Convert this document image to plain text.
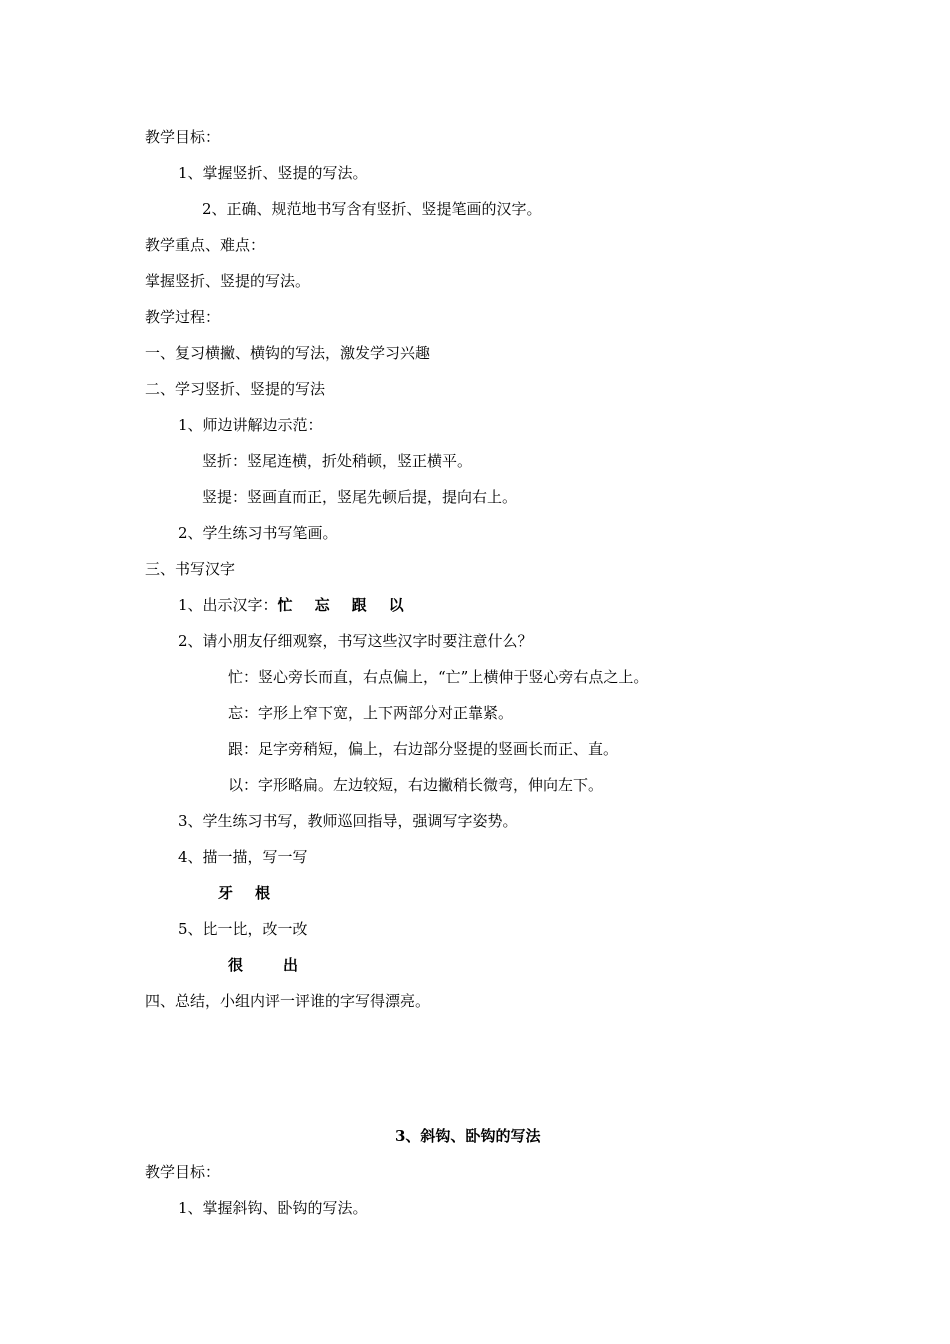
教学目标：
1、掌握竖折、竖提的写法。
2、正确、规范地书写含有竖折、竖提笔画的汉字。
教学重点、难点：
掌握竖折、竖提的写法。
教学过程：
一、复习横撇、横钩的写法，激发学习兴趣
二、学习竖折、竖提的写法
1、师边讲解边示范：
竖折：竖尾连横，折处稍顿，竖正横平。
竖提：竖画直而正，竖尾先顿后提，提向右上。
2、学生练习书写笔画。
三、书写汉字
1、出示汉字：忙 忘 跟 以
2、请小朋友仔细观察，书写这些汉字时要注意什么？
忙：竖心旁长而直，右点偏上，“亡”上横伸于竖心旁右点之上。
忘：字形上窄下宽，上下两部分对正靠紧。
跟：足字旁稍短，偏上，右边部分竖提的竖画长而正、直。
以：字形略扁。左边较短，右边撇稍长微弯，伸向左下。
3、学生练习书写，教师巡回指导，强调写字姿势。
4、描一描，写一写
牙 根
5、比一比，改一改
很	出
四、总结，小组内评一评谁的字写得漂亮。
3、斜钩、卧钩的写法
教学目标：
1、掌握斜钩、卧钩的写法。
